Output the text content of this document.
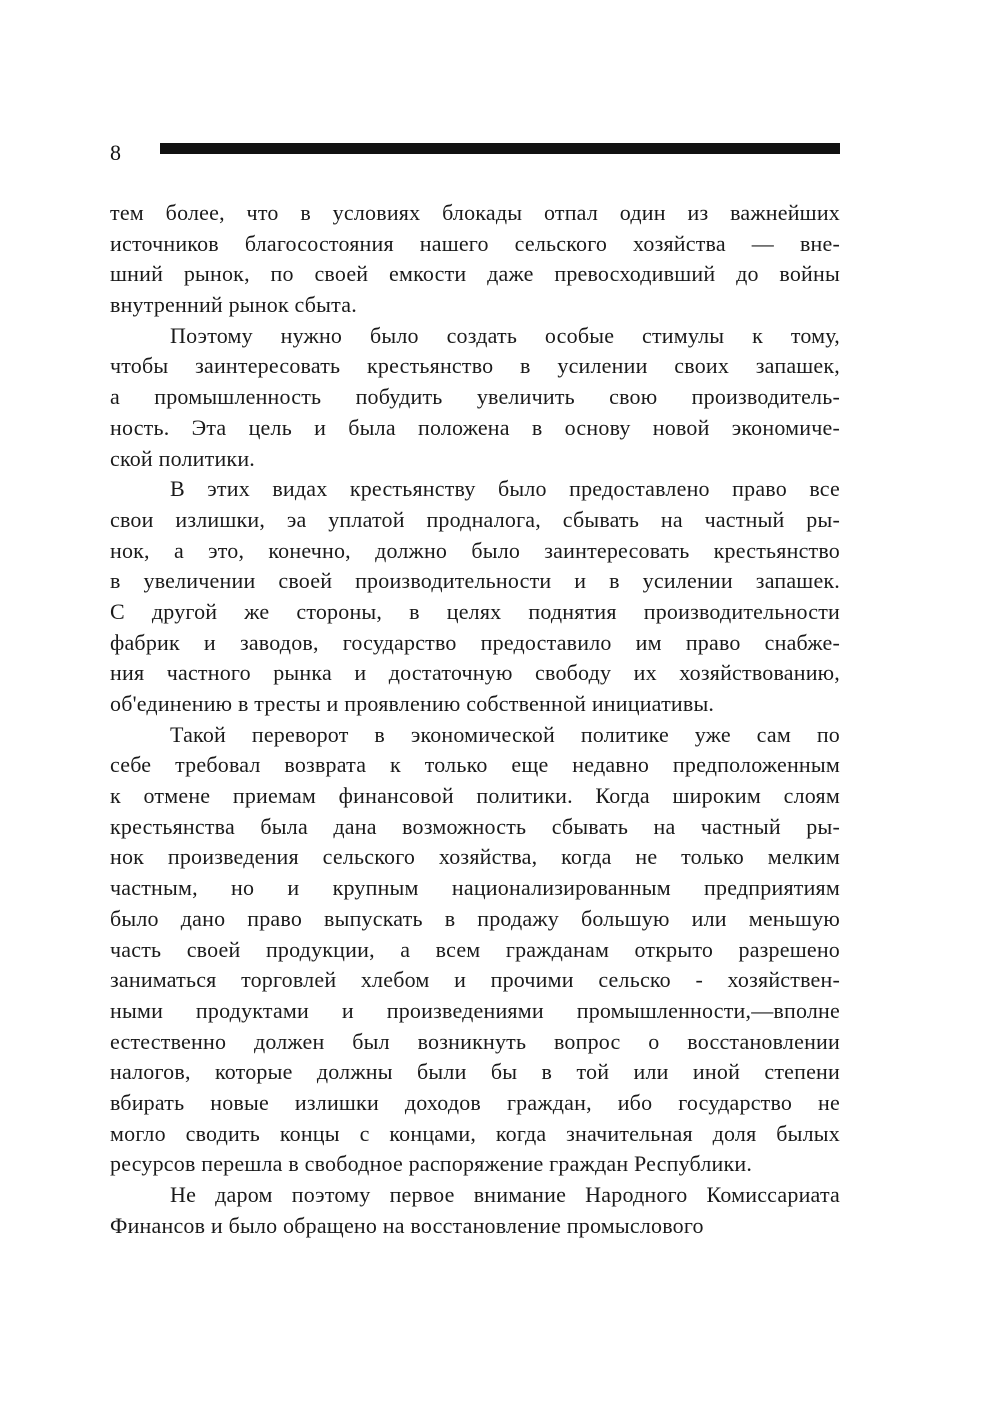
8
тем более, что в условиях блокады отпал один из важнейших
источников благосостояния нашего сельского хозяйства — вне-
шний рынок, по своей емкости даже превосходивший до войны
внутренний рынок сбыта.
Поэтому нужно было создать особые стимулы к тому,
чтобы заинтересовать крестьянство в усилении своих запашек,
а промышленность побудить увеличить свою производитель-
ность. Эта цель и была положена в основу новой экономиче-
ской политики.
В этих видах крестьянству было предоставлено право все
свои излишки, эа уплатой продналога, сбывать на частный ры-
нок, а это, конечно, должно было заинтересовать крестьянство
в увеличении своей производительности и в усилении запашек.
С другой же стороны, в целях поднятия производительности
фабрик и заводов, государство предоставило им право снабже-
ния частного рынка и достаточную свободу их хозяйствованию,
об'единению в тресты и проявлению собственной инициативы.
Такой переворот в экономической политике уже сам по
себе требовал возврата к только еще недавно предположенным
к отмене приемам финансовой политики. Когда широким слоям
крестьянства была дана возможность сбывать на частный ры-
нок произведения сельского хозяйства, когда не только мелким
частным, но и крупным национализированным предприятиям
было дано право выпускать в продажу большую или меньшую
часть своей продукции, а всем гражданам открыто разрешено
заниматься торговлей хлебом и прочими сельско - хозяйствен-
ными продуктами и произведениями промышленности,—вполне
естественно должен был возникнуть вопрос о восстановлении
налогов, которые должны были бы в той или иной степени
вбирать новые излишки доходов граждан, ибо государство не
могло сводить концы с концами, когда значительная доля былых
ресурсов перешла в свободное распоряжение граждан Республики.
Не даром поэтому первое внимание Народного Комиссариата
Финансов и было обращено на восстановление промыслового
